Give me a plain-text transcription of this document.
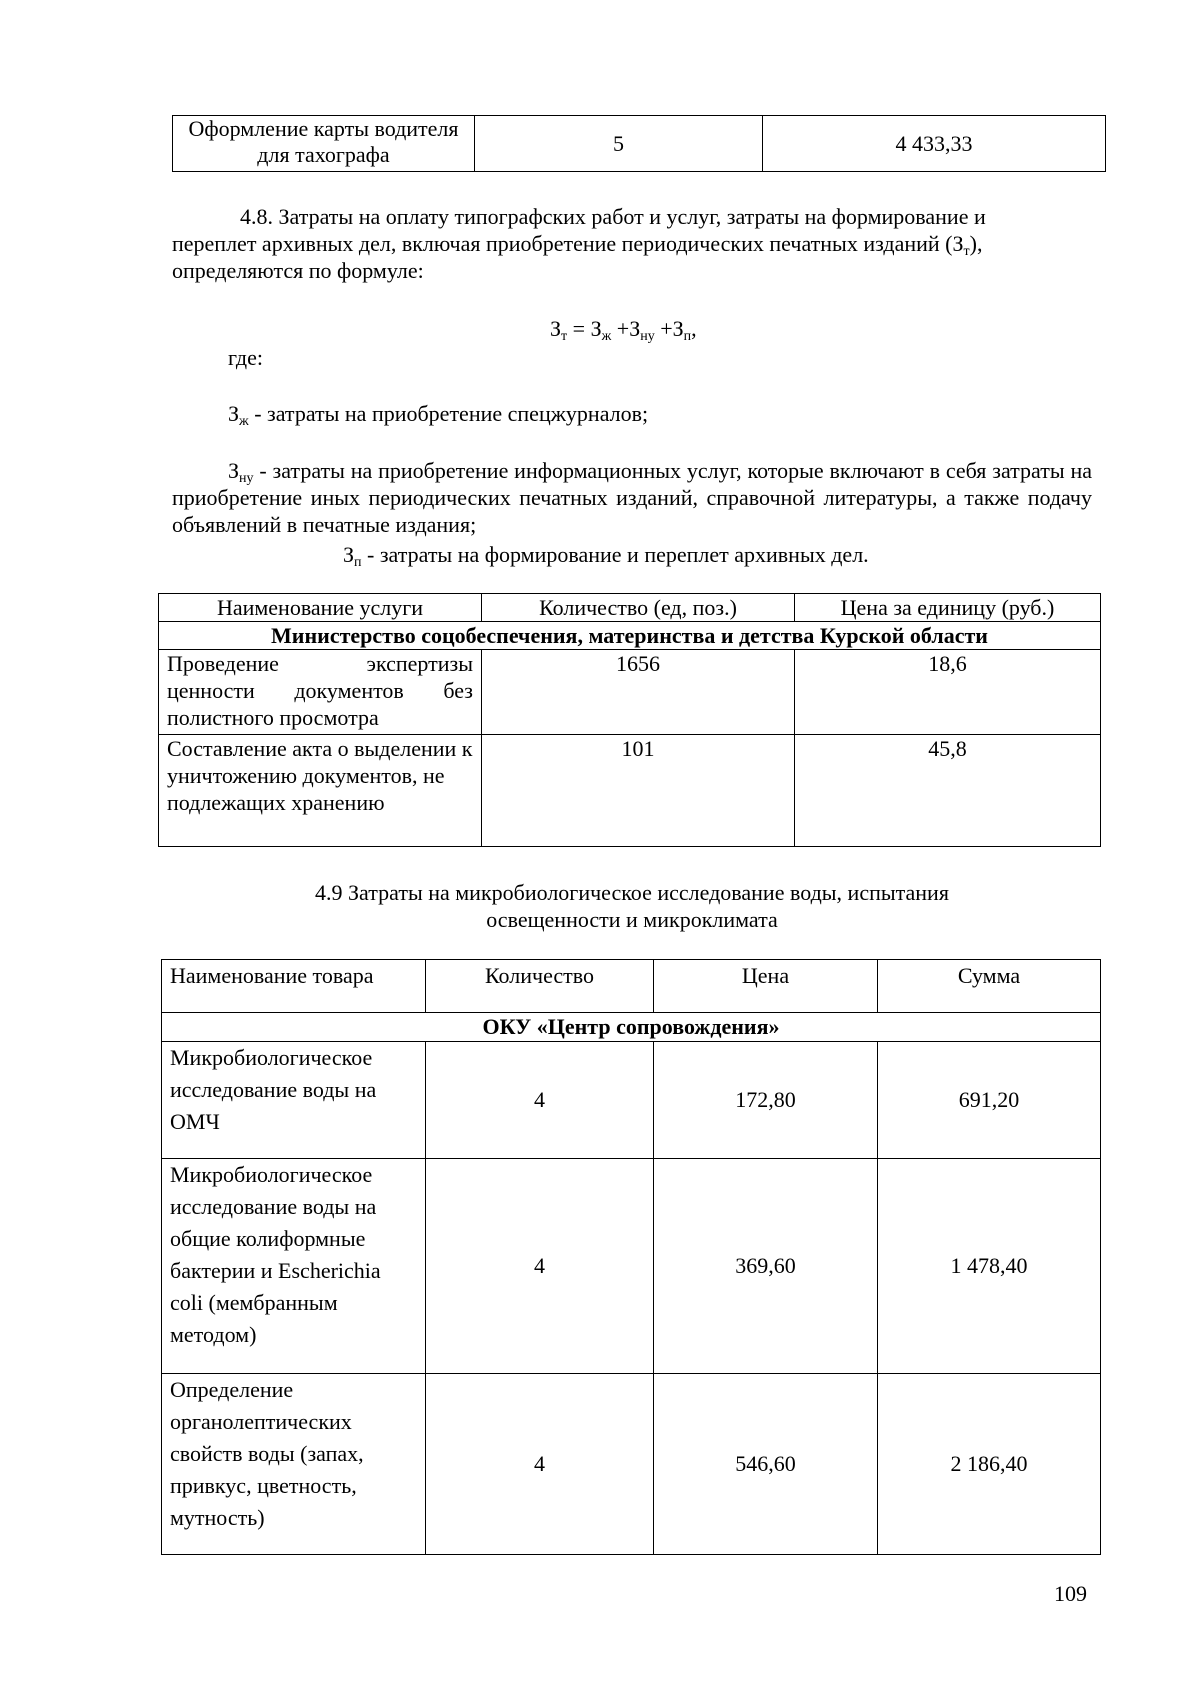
Оформление карты водителя для тахографа	5	4 433,33
4.8. Затраты на оплату типографских работ и услуг, затраты на формирование и
переплет архивных дел, включая приобретение периодических печатных изданий $(З_т)$,
определяются по формуле:
$З_т = З_ж +З_{ну} +З_п$,
где:
$З_ж$ - затраты на приобретение спецжурналов;
$З_{ну}$ - затраты на приобретение информационных услуг, которые включают в себя затраты на приобретение иных периодических печатных изданий, справочной литературы, а также подачу объявлений в печатные издания;
$З_п$ - затраты на формирование и переплет архивных дел.
Наименование услуги	Количество (ед, поз.)	Цена за единицу (руб.)
Министерство соцобеспечения, материнства и детства Курской области		
Проведение экспертизы ценности документов без полистного просмотра	1656	18,6
Составление акта о выделении к уничтожению документов, не подлежащих хранению	101	45,8
4.9 Затраты на микробиологическое исследование воды, испытания
освещенности и микроклимата
Наименование товара	Количество	Цена	Сумма
ОКУ «Центр сопровождения»			
Микробиологическое исследование воды на ОМЧ	4	172,80	691,20
Микробиологическое исследование воды на общие колиформные бактерии и Escherichia coli (мембранным методом)	4	369,60	1 478,40
Определение органолептических свойств воды (запах, привкус, цветность, мутность)	4	546,60	2 186,40
109
